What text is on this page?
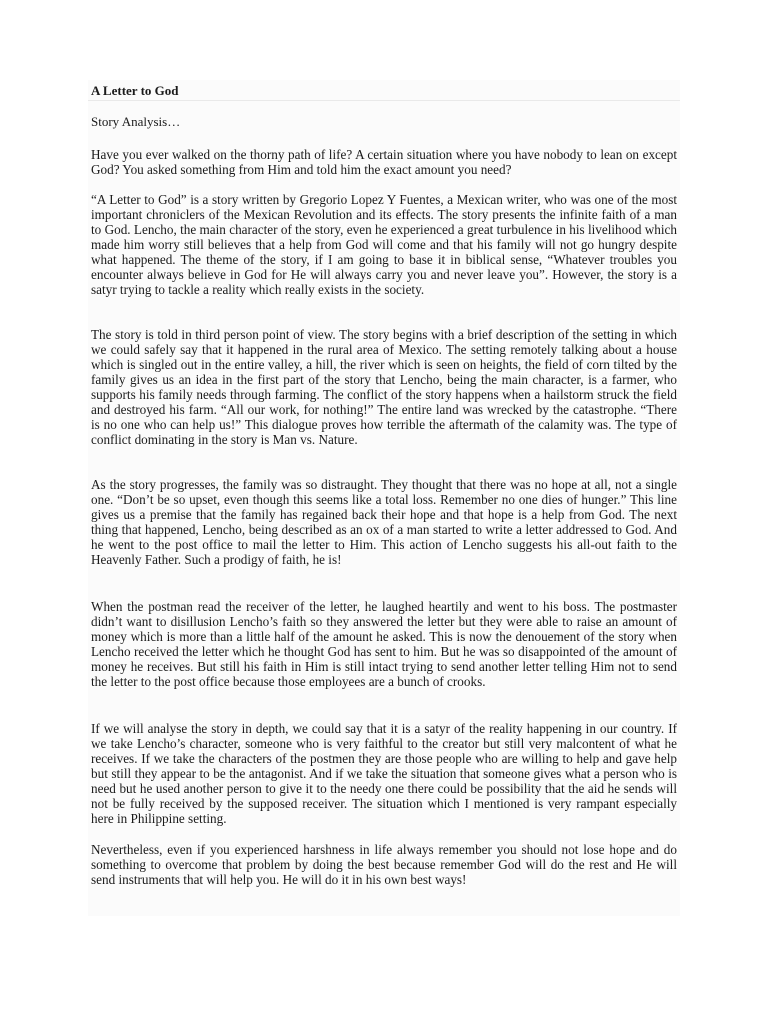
A Letter to God
Story Analysis…

Have you ever walked on the thorny path of life? A certain situation where you have nobody to lean on except God? You asked something from Him and told him the exact amount you need?

“A Letter to God” is a story written by Gregorio Lopez Y Fuentes, a Mexican writer, who was one of the most important chroniclers of the Mexican Revolution and its effects. The story presents the infinite faith of a man to God. Lencho, the main character of the story, even he experienced a great turbulence in his livelihood which made him worry still believes that a help from God will come and that his family will not go hungry despite what happened. The theme of the story, if I am going to base it in biblical sense, “Whatever troubles you encounter always believe in God for He will always carry you and never leave you”. However, the story is a satyr trying to tackle a reality which really exists in the society.

The story is told in third person point of view. The story begins with a brief description of the setting in which we could safely say that it happened in the rural area of Mexico. The setting remotely talking about a house which is singled out in the entire valley, a hill, the river which is seen on heights, the field of corn tilted by the family gives us an idea in the first part of the story that Lencho, being the main character, is a farmer, who supports his family needs through farming. The conflict of the story happens when a hailstorm struck the field and destroyed his farm. “All our work, for nothing!” The entire land was wrecked by the catastrophe. “There is no one who can help us!” This dialogue proves how terrible the aftermath of the calamity was. The type of conflict dominating in the story is Man vs. Nature.

As the story progresses, the family was so distraught. They thought that there was no hope at all, not a single one. “Don’t be so upset, even though this seems like a total loss. Remember no one dies of hunger.” This line gives us a premise that the family has regained back their hope and that hope is a help from God. The next thing that happened, Lencho, being described as an ox of a man started to write a letter addressed to God. And he went to the post office to mail the letter to Him. This action of Lencho suggests his all-out faith to the Heavenly Father. Such a prodigy of faith, he is!

When the postman read the receiver of the letter, he laughed heartily and went to his boss. The postmaster didn’t want to disillusion Lencho’s faith so they answered the letter but they were able to raise an amount of money which is more than a little half of the amount he asked. This is now the denouement of the story when Lencho received the letter which he thought God has sent to him. But he was so disappointed of the amount of money he receives. But still his faith in Him is still intact trying to send another letter telling Him not to send the letter to the post office because those employees are a bunch of crooks.

If we will analyse the story in depth, we could say that it is a satyr of the reality happening in our country. If we take Lencho’s character, someone who is very faithful to the creator but still very malcontent of what he receives. If we take the characters of the postmen they are those people who are willing to help and gave help but still they appear to be the antagonist. And if we take the situation that someone gives what a person who is need but he used another person to give it to the needy one there could be possibility that the aid he sends will not be fully received by the supposed receiver. The situation which I mentioned is very rampant especially here in Philippine setting.

Nevertheless, even if you experienced harshness in life always remember you should not lose hope and do something to overcome that problem by doing the best because remember God will do the rest and He will send instruments that will help you. He will do it in his own best ways!
